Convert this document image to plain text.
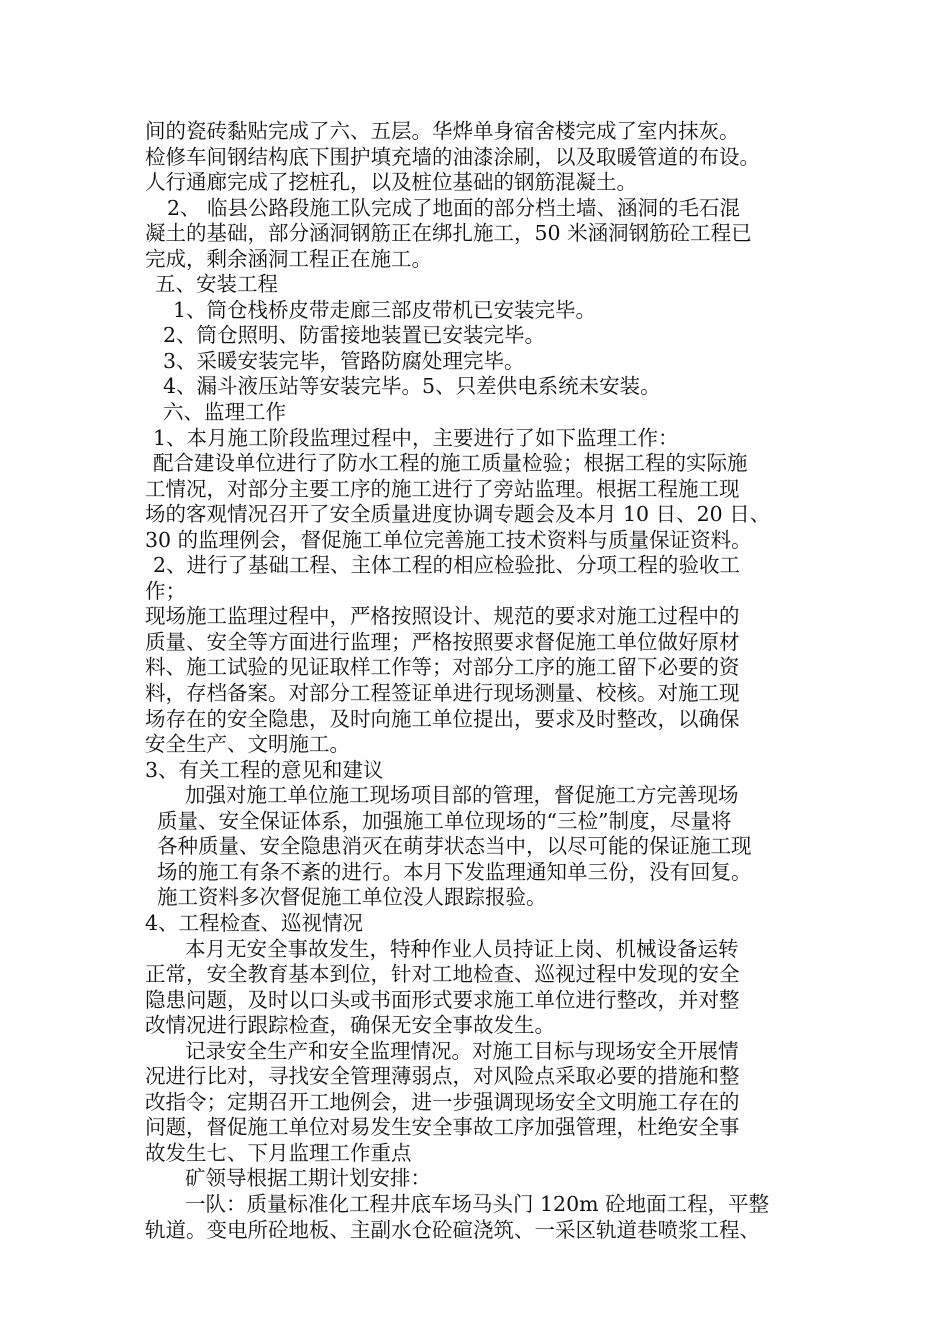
间的瓷砖黏贴完成了六、五层。华烨单身宿舍楼完成了室内抹灰。
检修车间钢结构底下围护填充墙的油漆涂刷，以及取暖管道的布设。
人行通廊完成了挖桩孔，以及桩位基础的钢筋混凝土。
2、 临县公路段施工队完成了地面的部分档土墙、涵洞的毛石混
凝土的基础，部分涵洞钢筋正在绑扎施工，50 米涵洞钢筋砼工程已
完成，剩余涵洞工程正在施工。
五、安装工程
1、筒仓栈桥皮带走廊三部皮带机已安装完毕。
2、筒仓照明、防雷接地装置已安装完毕。
3、采暖安装完毕，管路防腐处理完毕。
4、漏斗液压站等安装完毕。5、只差供电系统未安装。
六、监理工作
1、本月施工阶段监理过程中，主要进行了如下监理工作：
配合建设单位进行了防水工程的施工质量检验；根据工程的实际施
工情况，对部分主要工序的施工进行了旁站监理。根据工程施工现
场的客观情况召开了安全质量进度协调专题会及本月 10 日、20 日、
30 的监理例会，督促施工单位完善施工技术资料与质量保证资料。
2、进行了基础工程、主体工程的相应检验批、分项工程的验收工
作；
现场施工监理过程中，严格按照设计、规范的要求对施工过程中的
质量、安全等方面进行监理；严格按照要求督促施工单位做好原材
料、施工试验的见证取样工作等；对部分工序的施工留下必要的资
料，存档备案。对部分工程签证单进行现场测量、校核。对施工现
场存在的安全隐患，及时向施工单位提出，要求及时整改，以确保
安全生产、文明施工。
3、有关工程的意见和建议
加强对施工单位施工现场项目部的管理，督促施工方完善现场
质量、安全保证体系，加强施工单位现场的“三检”制度，尽量将
各种质量、安全隐患消灭在萌芽状态当中，以尽可能的保证施工现
场的施工有条不紊的进行。本月下发监理通知单三份，没有回复。
施工资料多次督促施工单位没人跟踪报验。
4、工程检查、巡视情况
本月无安全事故发生，特种作业人员持证上岗、机械设备运转
正常，安全教育基本到位，针对工地检查、巡视过程中发现的安全
隐患问题，及时以口头或书面形式要求施工单位进行整改，并对整
改情况进行跟踪检查，确保无安全事故发生。
记录安全生产和安全监理情况。对施工目标与现场安全开展情
况进行比对，寻找安全管理薄弱点，对风险点采取必要的措施和整
改指令；定期召开工地例会，进一步强调现场安全文明施工存在的
问题，督促施工单位对易发生安全事故工序加强管理，杜绝安全事
故发生七、下月监理工作重点
矿领导根据工期计划安排：
一队：质量标准化工程井底车场马头门 120m 砼地面工程，平整
轨道。变电所砼地板、主副水仓砼碹浇筑、一采区轨道巷喷浆工程、
